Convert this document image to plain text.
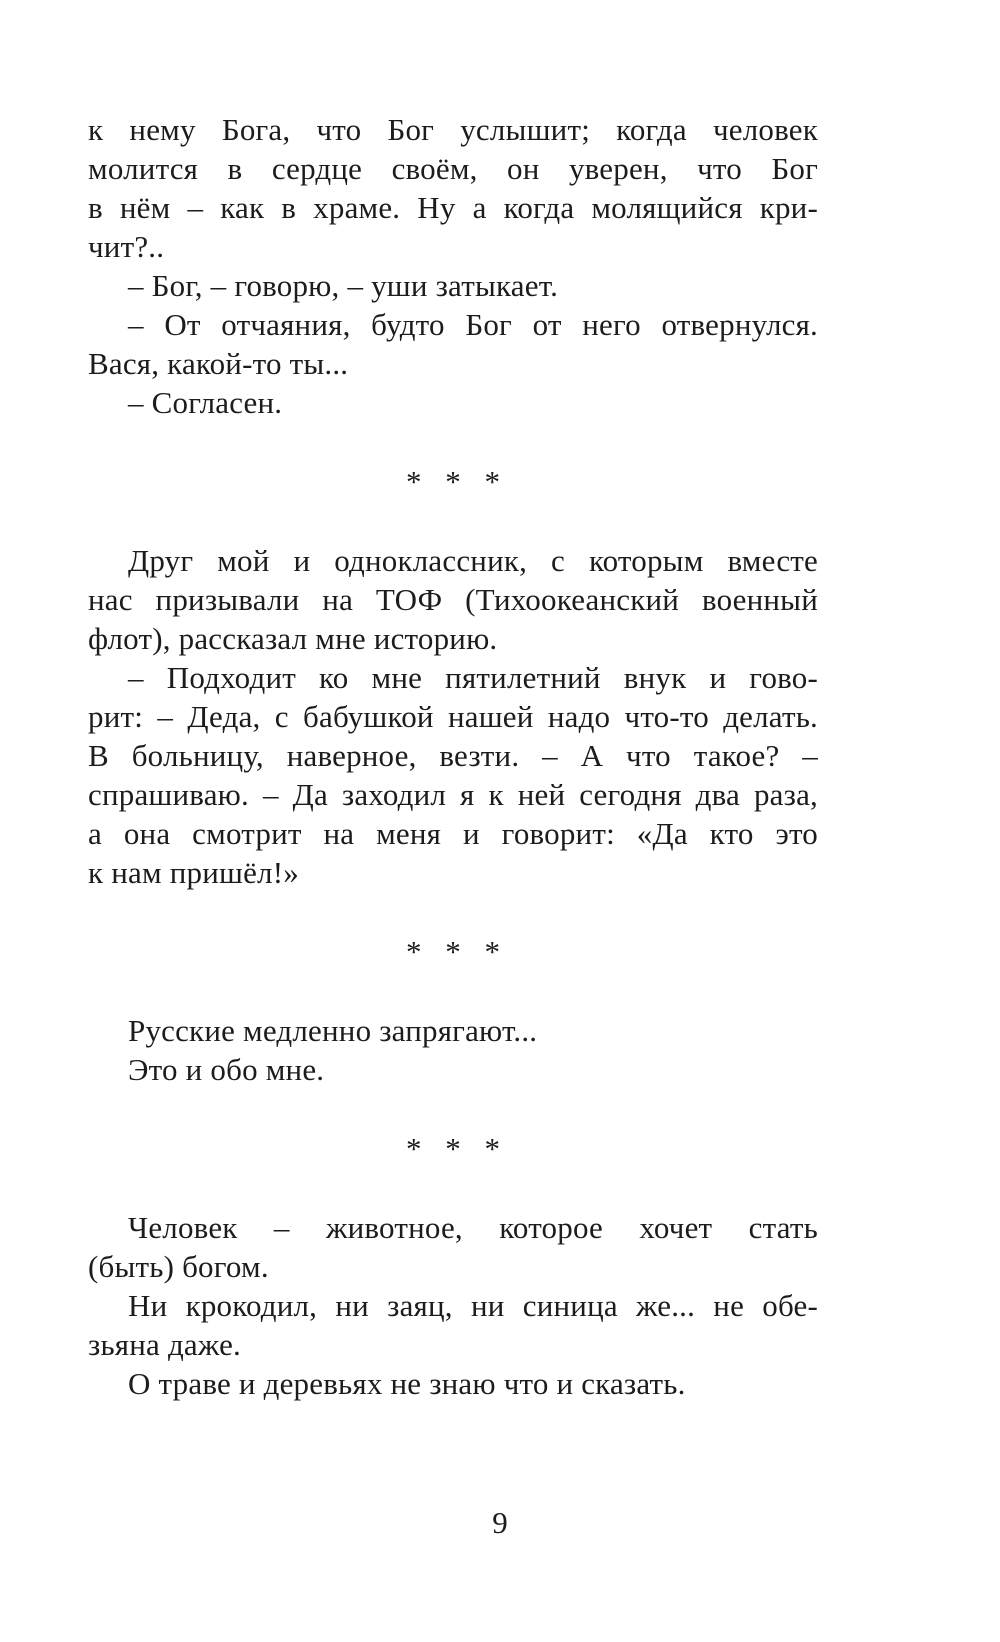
к нему Бога, что Бог услышит; когда человек
молится в сердце своём, он уверен, что Бог
в нём – как в храме. Ну а когда молящийся кри-
чит?..
– Бог, – говорю, – уши затыкает.
– От отчаяния, будто Бог от него отвернулся.
Вася, какой-то ты...
– Согласен.
* * *
Друг мой и одноклассник, с которым вместе
нас призывали на ТОФ (Тихоокеанский военный
флот), рассказал мне историю.
– Подходит ко мне пятилетний внук и гово-
рит: – Деда, с бабушкой нашей надо что-то делать.
В больницу, наверное, везти. – А что такое? –
спрашиваю. – Да заходил я к ней сегодня два раза,
а она смотрит на меня и говорит: «Да кто это
к нам пришёл!»
* * *
Русские медленно запрягают...
Это и обо мне.
* * *
Человек – животное, которое хочет стать
(быть) богом.
Ни крокодил, ни заяц, ни синица же... не обе-
зьяна даже.
О траве и деревьях не знаю что и сказать.
9
